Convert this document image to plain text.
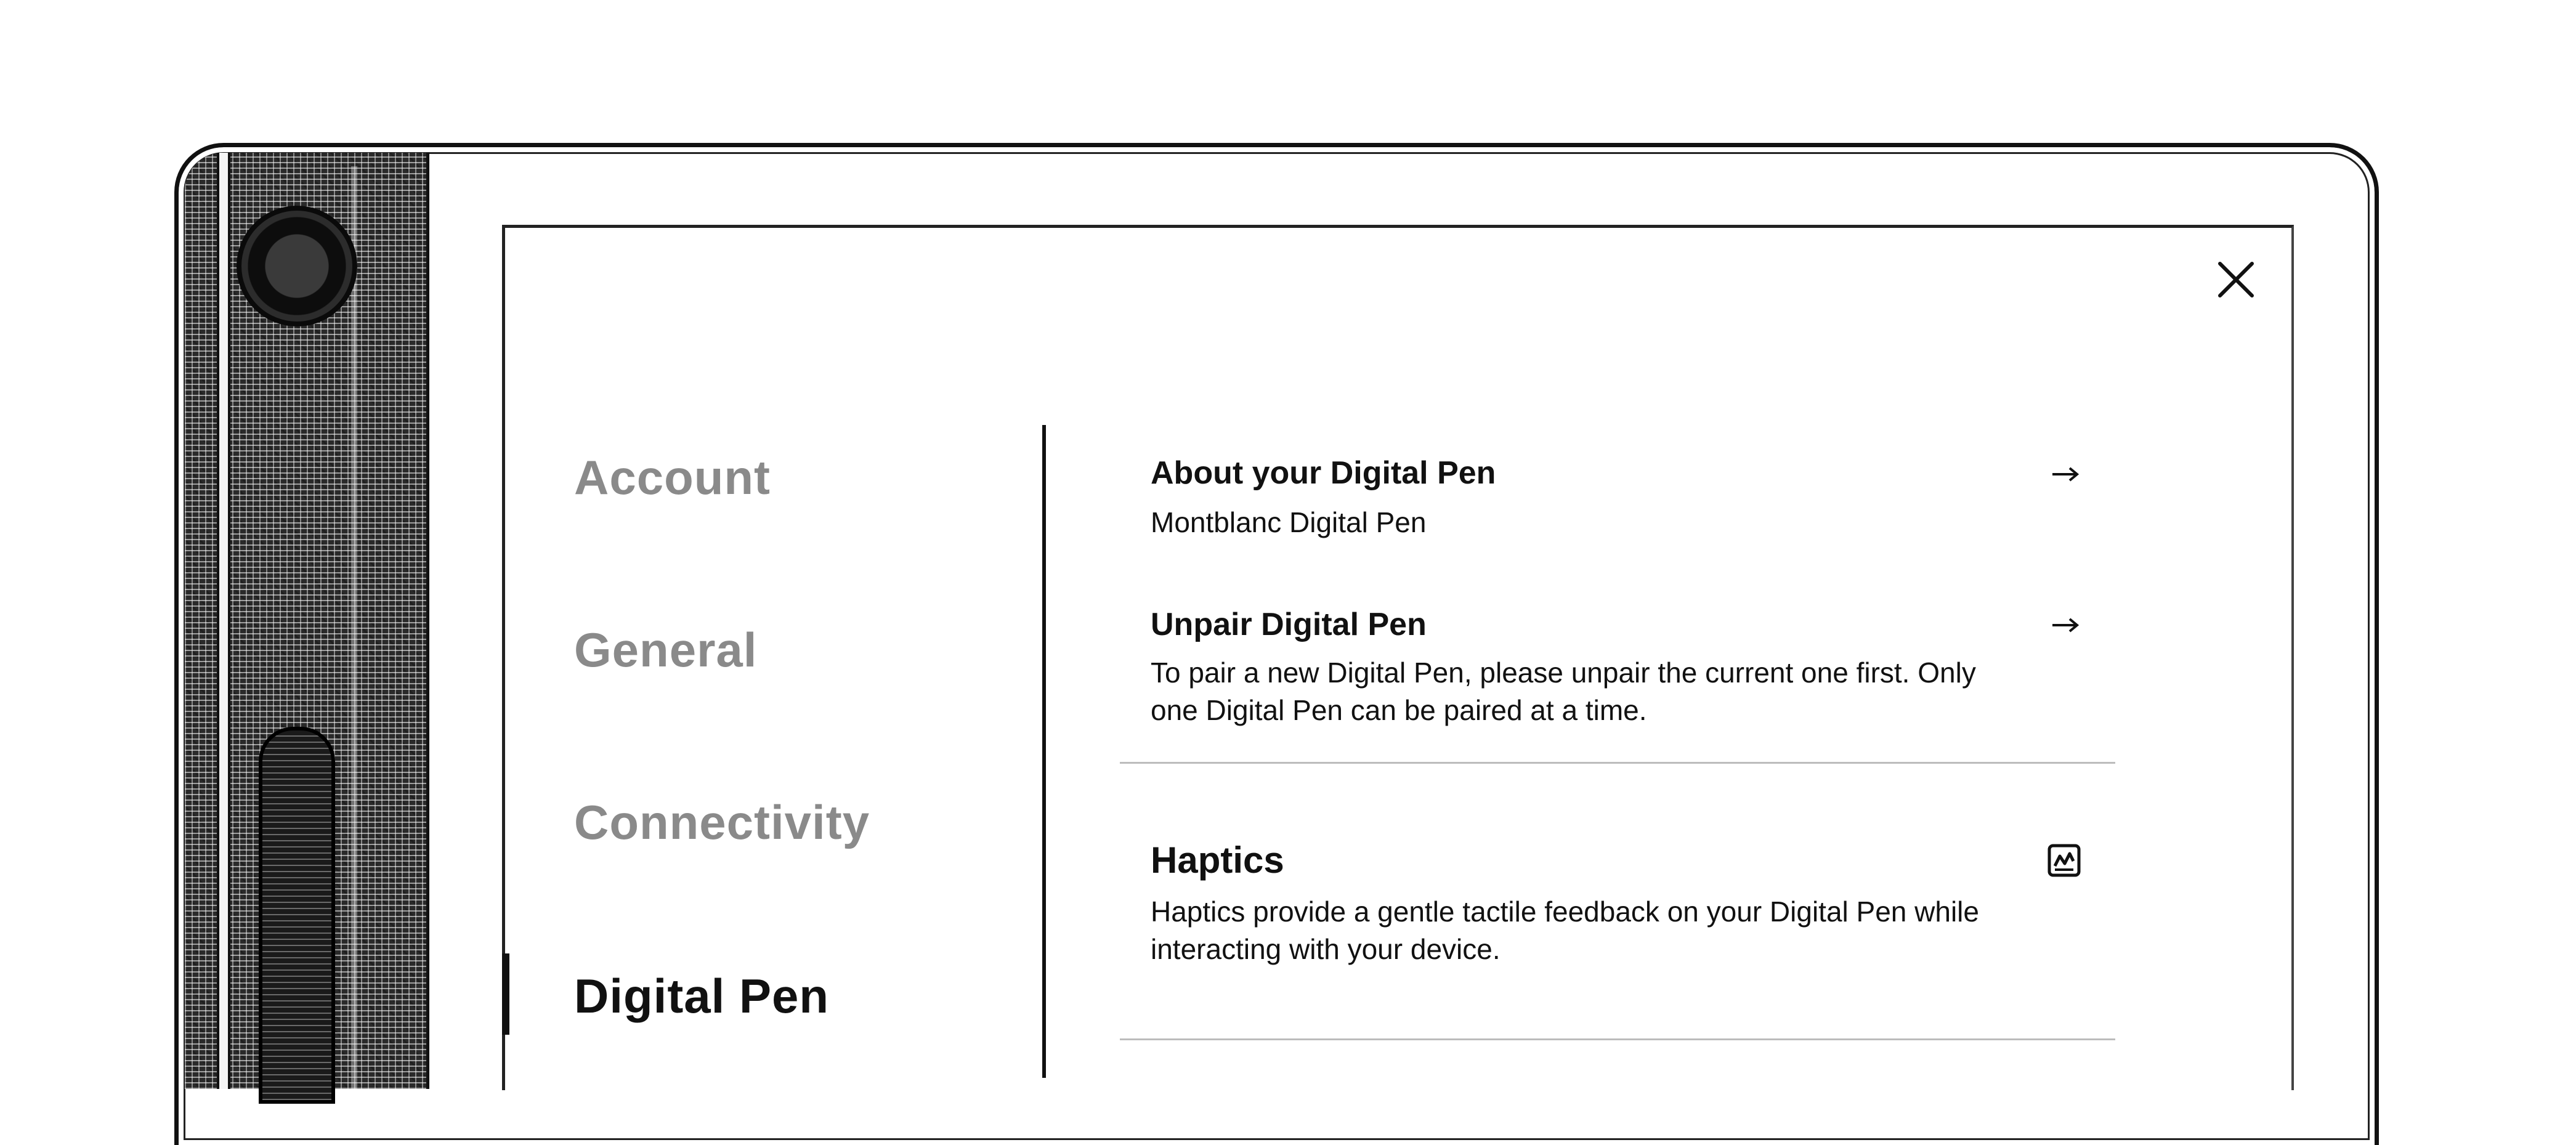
Account
General
Connectivity
Digital Pen
About your Digital Pen
Montblanc Digital Pen
Unpair Digital Pen
To pair a new Digital Pen, please unpair the current one first. Only one Digital Pen can be paired at a time.
Haptics
Haptics provide a gentle tactile feedback on your Digital Pen while interacting with your device.
